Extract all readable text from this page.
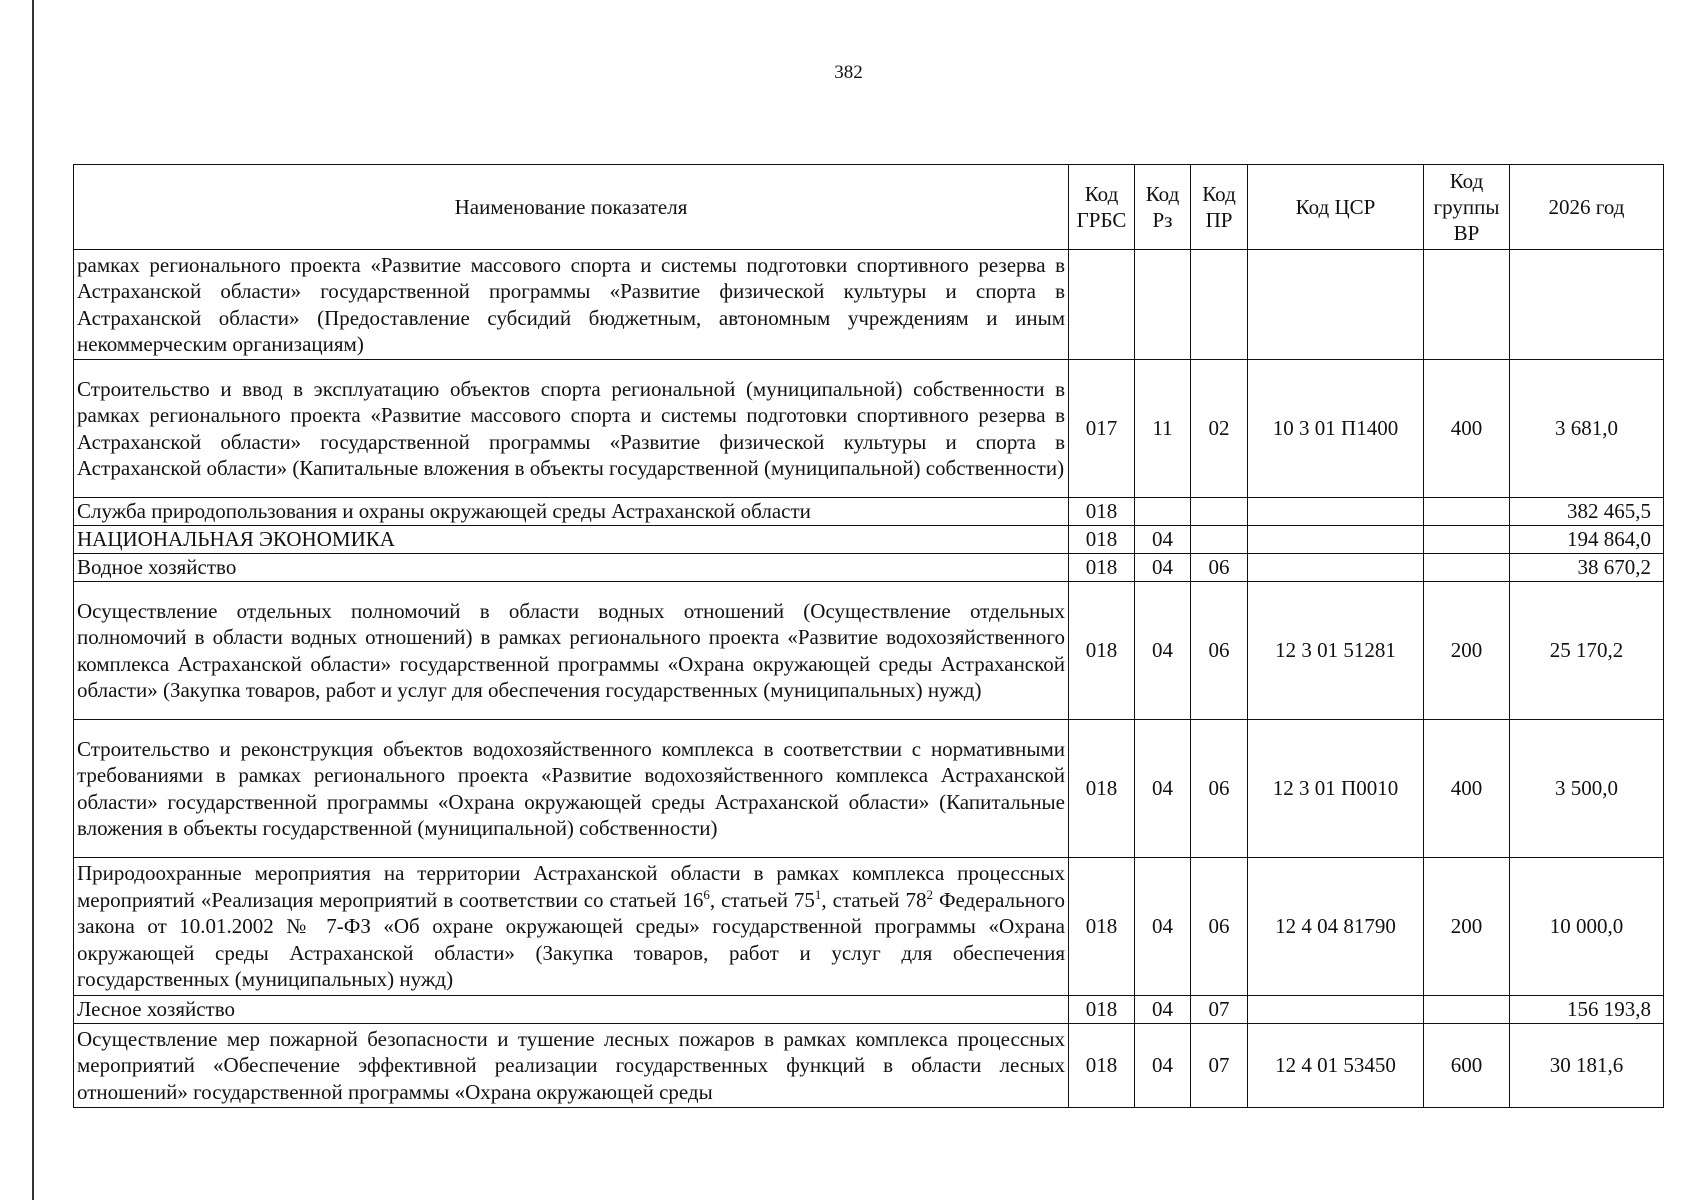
382
Наименование показателя	Код ГРБС	Код Рз	Код ПР	Код ЦСР	Код группы ВР	2026 год
рамках регионального проекта «Развитие массового спорта и системы подготовки спортивного резерва в Астраханской области» государственной программы «Развитие физической культуры и спорта в Астраханской области» (Предоставление субсидий бюджетным, автономным учреждениям и иным некоммерческим организациям)						
Строительство и ввод в эксплуатацию объектов спорта региональной (муниципальной) собственности в рамках регионального проекта «Развитие массового спорта и системы подготовки спортивного резерва в Астраханской области» государственной программы «Развитие физической культуры и спорта в Астраханской области» (Капитальные вложения в объекты государственной (муниципальной) собственности)	017	11	02	10 3 01 П1400	400	3 681,0
Служба природопользования и охраны окружающей среды Астраханской области	018					382 465,5
НАЦИОНАЛЬНАЯ ЭКОНОМИКА	018	04				194 864,0
Водное хозяйство	018	04	06			38 670,2
Осуществление отдельных полномочий в области водных отношений (Осуществление отдельных полномочий в области водных отношений) в рамках регионального проекта «Развитие водохозяйственного комплекса Астраханской области» государственной программы «Охрана окружающей среды Астраханской области» (Закупка товаров, работ и услуг для обеспечения государственных (муниципальных) нужд)	018	04	06	12 3 01 51281	200	25 170,2
Строительство и реконструкция объектов водохозяйственного комплекса в соответствии с нормативными требованиями в рамках регионального проекта «Развитие водохозяйственного комплекса Астраханской области» государственной программы «Охрана окружающей среды Астраханской области» (Капитальные вложения в объекты государственной (муниципальной) собственности)	018	04	06	12 3 01 П0010	400	3 500,0
Природоохранные мероприятия на территории Астраханской области в рамках комплекса процессных мероприятий «Реализация мероприятий в соответствии со статьей $16^6$, статьей $75^1$, статьей $78^2$ Федерального закона от 10.01.2002 № 7-ФЗ «Об охране окружающей среды» государственной программы «Охрана окружающей среды Астраханской области» (Закупка товаров, работ и услуг для обеспечения государственных (муниципальных) нужд)	018	04	06	12 4 04 81790	200	10 000,0
Лесное хозяйство	018	04	07			156 193,8
Осуществление мер пожарной безопасности и тушение лесных пожаров в рамках комплекса процессных мероприятий «Обеспечение эффективной реализации государственных функций в области лесных отношений» государственной программы «Охрана окружающей среды	018	04	07	12 4 01 53450	600	30 181,6
